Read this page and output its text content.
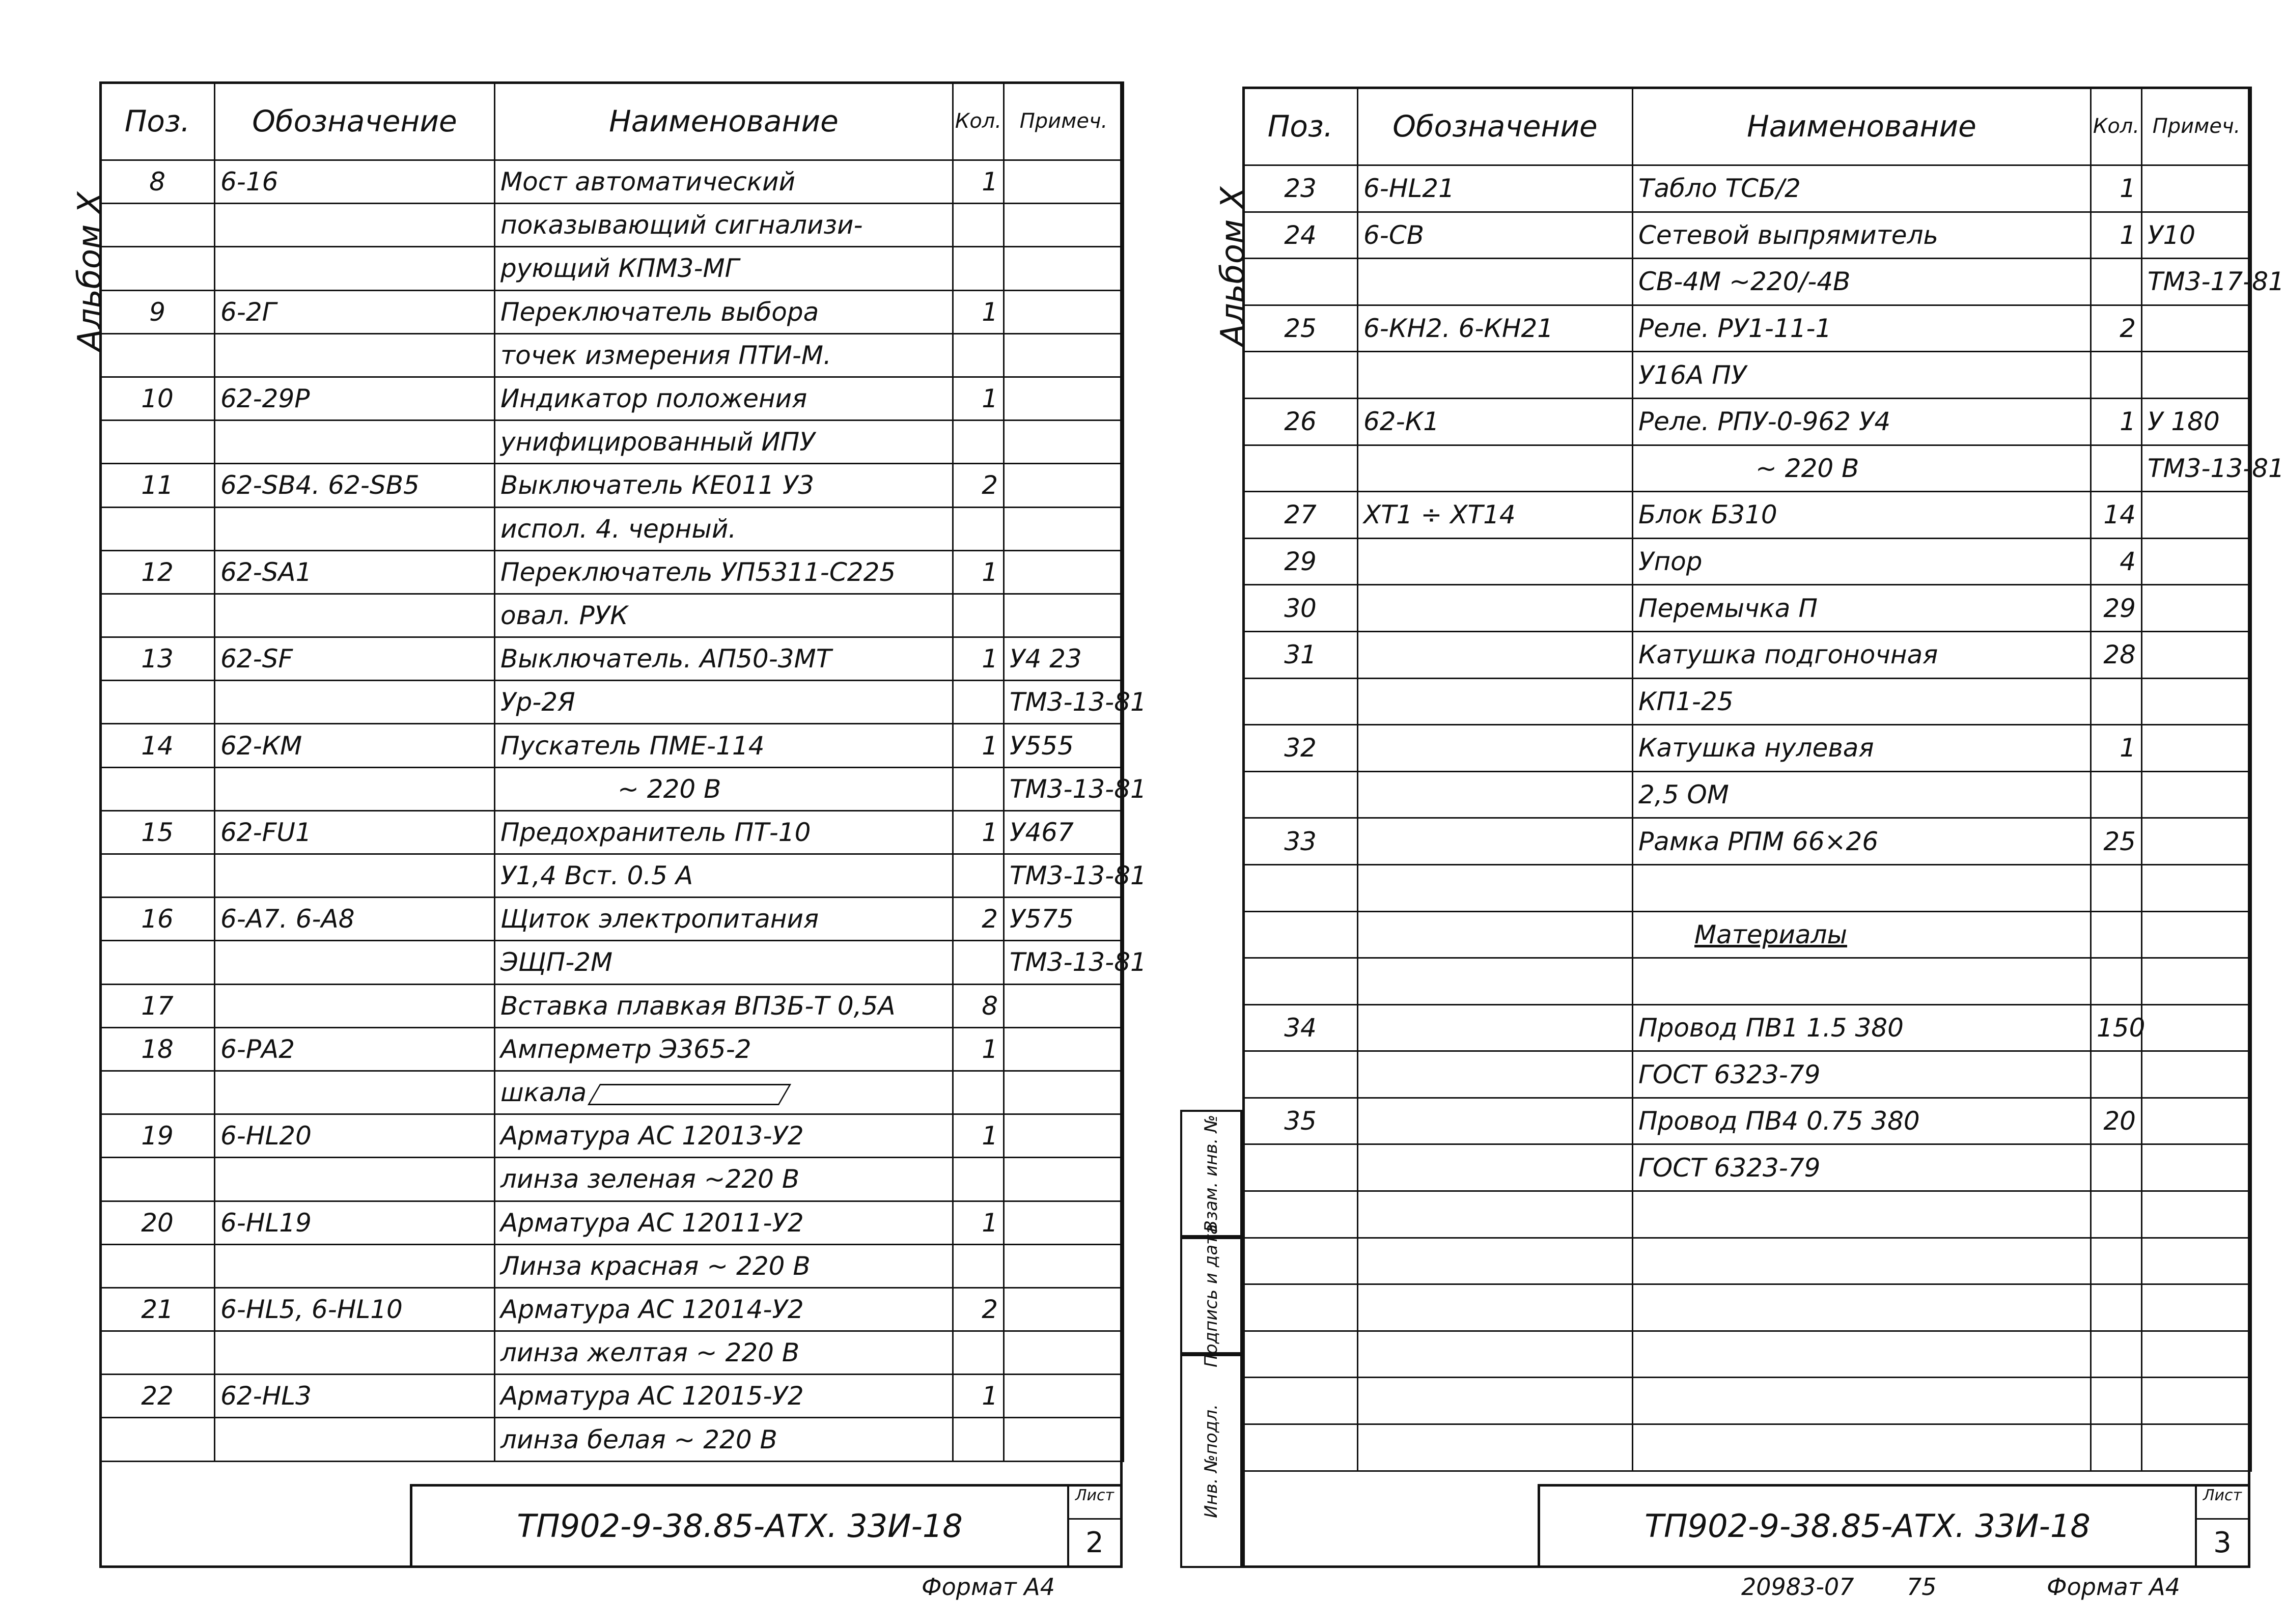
Альбом X
Поз.	Обозначение	Наименование	Кол.	Примеч.
8	6-16	Мост автоматический	1	
		показывающий сигнализи-		
		рующий КПМ3-МГ		
9	6-2Г	Переключатель выбора	1	
		точек измерения ПТИ-М.		
10	62-29Р	Индикатор положения	1	
		унифицированный ИПУ		
11	62-SB4. 62-SB5	Выключатель КЕ011 У3	2	
		испол. 4. черный.		
12	62-SA1	Переключатель УП5311-С225	1	
		овал. РУК		
13	62-SF	Выключатель. АП50-3МТ	1	У4 23
		Ур-2Я		ТМ3-13-81
14	62-КМ	Пускатель ПМЕ-114	1	У555
		~ 220 В		ТМ3-13-81
15	62-FU1	Предохранитель ПТ-10	1	У467
		У1,4 Вст. 0.5 А		ТМ3-13-81
16	6-А7. 6-А8	Щиток электропитания	2	У575
		ЭЩП-2М		ТМ3-13-81
17		Вставка плавкая ВП3Б-Т 0,5А	8	
18	6-РА2	Амперметр Э365-2	1	
		шкала		
19	6-HL20	Арматура АС 12013-У2	1	
		линза зеленая ~220 В		
20	6-HL19	Арматура АС 12011-У2	1	
		Линза красная ~ 220 В		
21	6-HL5, 6-HL10	Арматура АС 12014-У2	2	
		линза желтая ~ 220 В		
22	62-HL3	Арматура АС 12015-У2	1	
		линза белая ~ 220 В		
ТП902-9-38.85-АТХ. 33И-18
Лист
2
Формат А4
Альбом X
Поз.	Обозначение	Наименование	Кол.	Примеч.
23	6-HL21	Табло ТСБ/2	1	
24	6-СВ	Сетевой выпрямитель	1	У10
		СВ-4М ~220/-4В		ТМ3-17-81
25	6-КН2. 6-КН21	Реле. РУ1-11-1	2	
		У16А ПУ		
26	62-К1	Реле. РПУ-0-962 У4	1	У 180
		~ 220 В		ТМ3-13-81
27	ХТ1 ÷ ХТ14	Блок Б310	14	
29		Упор	4	
30		Перемычка П	29	
31		Катушка подгоночная	28	
		КП1-25		
32		Катушка нулевая	1	
		2,5 ОМ		
33		Рамка РПМ 66×26	25	

		Материалы		

34		Провод ПВ1 1.5 380	150	
		ГОСТ 6323-79		
35		Провод ПВ4 0.75 380	20	
		ГОСТ 6323-79		

Инв. №подл.
Подпись и дата
Взам. инв. №
ТП902-9-38.85-АТХ. 33И-18
Лист
3
20983-07 75	Формат А4
